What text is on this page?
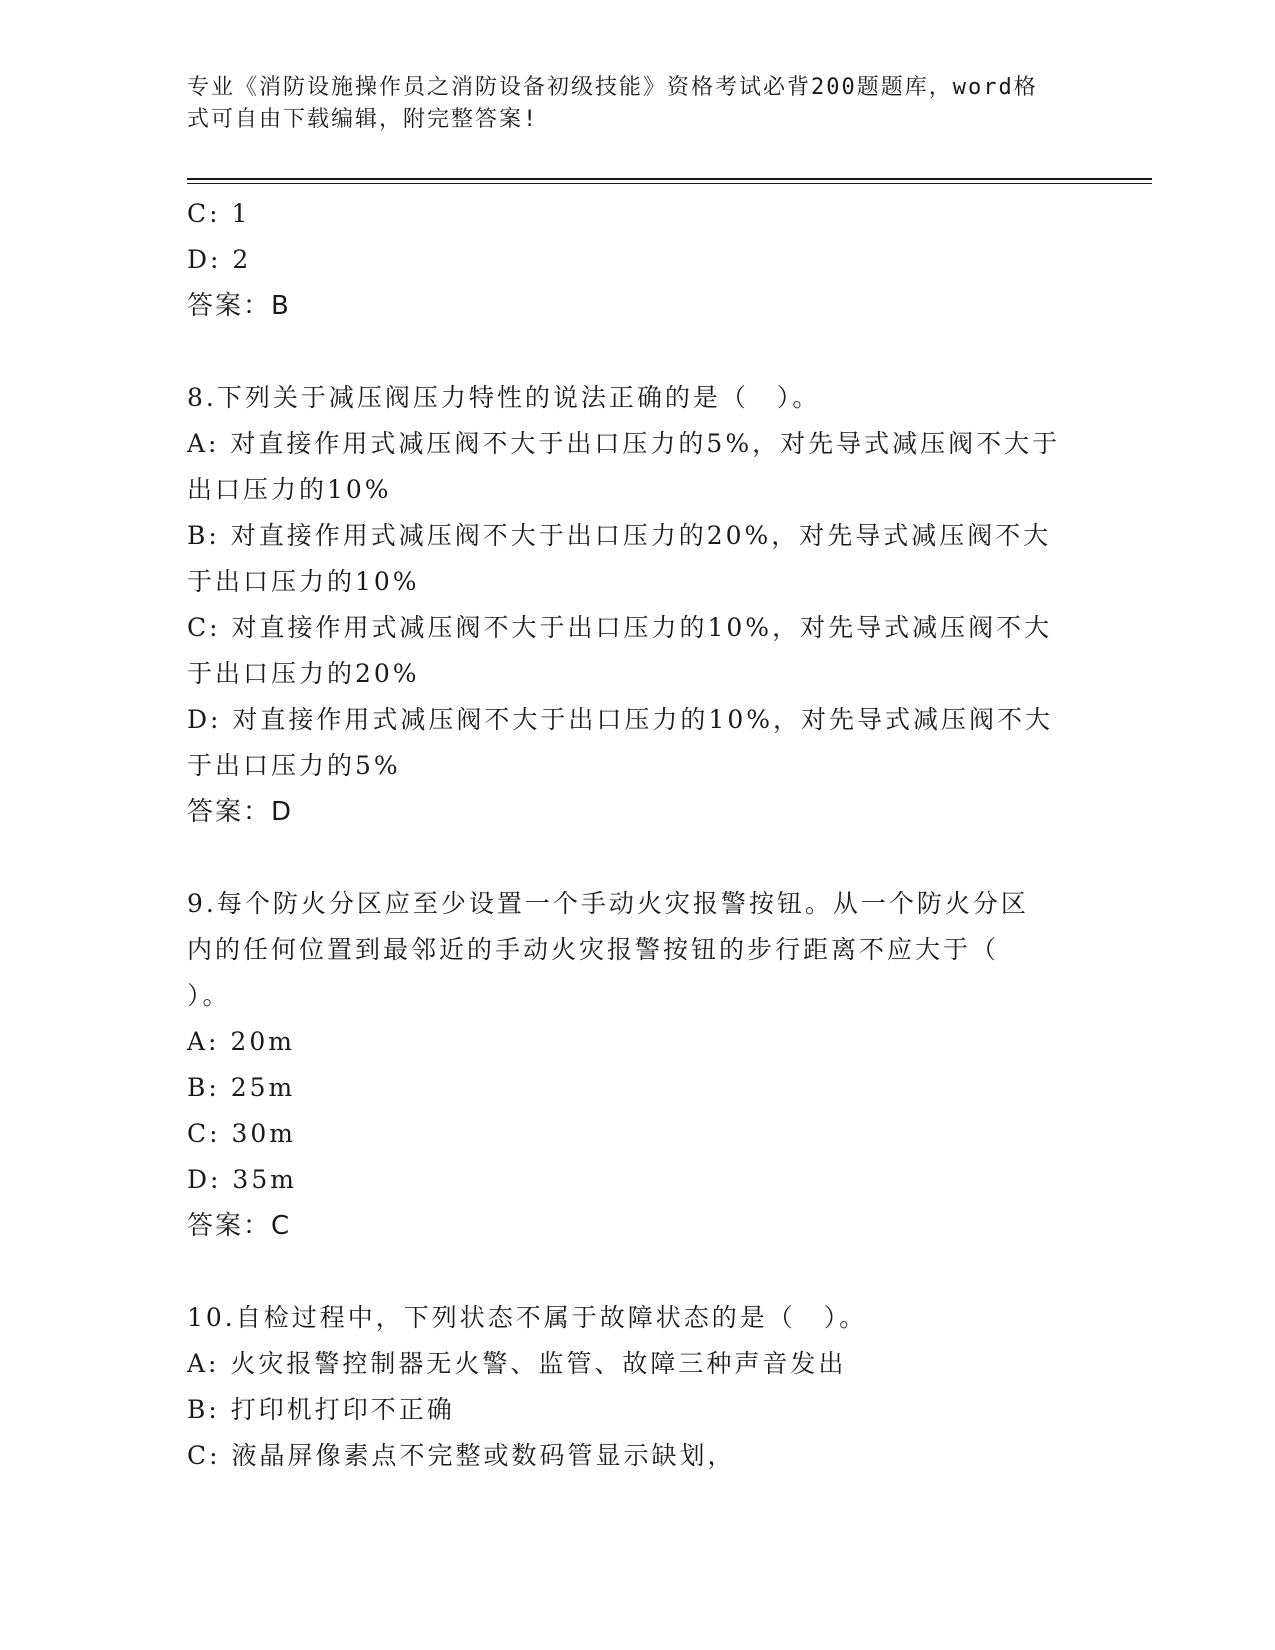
专业《消防设施操作员之消防设备初级技能》资格考试必背200题题库，word格
式可自由下载编辑，附完整答案!
C: 1
D: 2
答案：B
8.下列关于减压阀压力特性的说法正确的是（　）。
A: 对直接作用式减压阀不大于出口压力的5%，对先导式减压阀不大于
出口压力的10%
B: 对直接作用式减压阀不大于出口压力的20%，对先导式减压阀不大
于出口压力的10%
C: 对直接作用式减压阀不大于出口压力的10%，对先导式减压阀不大
于出口压力的20%
D: 对直接作用式减压阀不大于出口压力的10%，对先导式减压阀不大
于出口压力的5%
答案：D
9.每个防火分区应至少设置一个手动火灾报警按钮。从一个防火分区
内的任何位置到最邻近的手动火灾报警按钮的步行距离不应大于（
）。
A: 20m
B: 25m
C: 30m
D: 35m
答案：C
10.自检过程中，下列状态不属于故障状态的是（　）。
A: 火灾报警控制器无火警、监管、故障三种声音发出
B: 打印机打印不正确
C: 液晶屏像素点不完整或数码管显示缺划，
